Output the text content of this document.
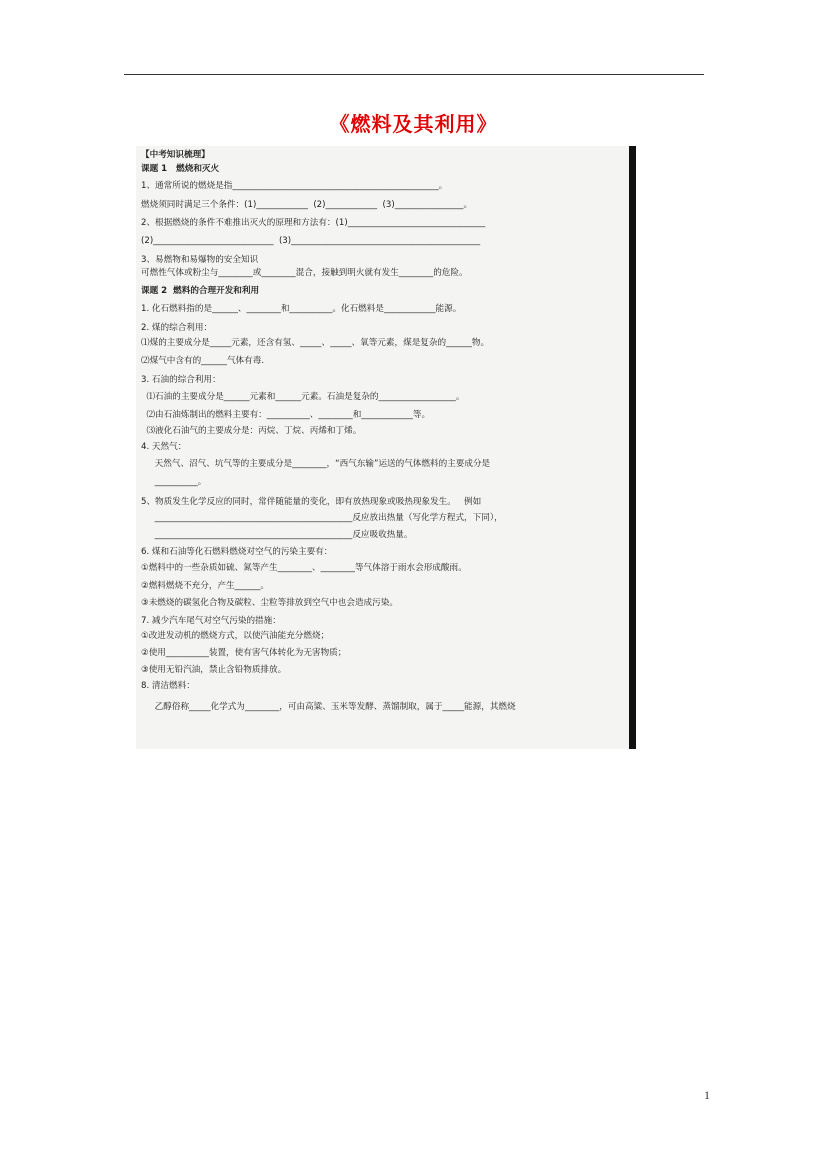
《燃料及其利用》
【中考知识梳理】
课题 1   燃烧和灭火
1、通常所说的燃烧是指________________________________________________。
燃烧须同时满足三个条件：(1)____________  (2)____________  (3)________________。
2、根据燃烧的条件不难推出灭火的原理和方法有：(1)________________________________
(2)____________________________  (3)____________________________________________
3、易燃物和易爆物的安全知识
可燃性气体或粉尘与________或________混合，接触到明火就有发生________的危险。
课题 2  燃料的合理开发和利用
1. 化石燃料指的是______、________和__________。化石燃料是____________能源。
2. 煤的综合利用：
⑴煤的主要成分是_____元素，还含有氢、_____、_____、氧等元素，煤是复杂的______物。
⑵煤气中含有的______气体有毒.
3. 石油的综合利用：
⑴石油的主要成分是______元素和______元素。石油是复杂的__________________。
⑵由石油炼制出的燃料主要有：__________、________和____________等。
⑶液化石油气的主要成分是：丙烷、丁烷、丙烯和丁烯。
4. 天然气：
天然气、沼气、坑气等的主要成分是________，“西气东输”运送的气体燃料的主要成分是
__________。
5、物质发生化学反应的同时，常伴随能量的变化，即有放热现象或吸热现象发生。   例如
______________________________________________反应放出热量（写化学方程式，下同），
______________________________________________反应吸收热量。
6. 煤和石油等化石燃料燃烧对空气的污染主要有：
①燃料中的一些杂质如硫、氮等产生________、________等气体溶于雨水会形成酸雨。
②燃料燃烧不充分，产生______。
③未燃烧的碳氢化合物及碳粒、尘粒等排放到空气中也会造成污染。
7. 减少汽车尾气对空气污染的措施：
①改进发动机的燃烧方式，以使汽油能充分燃烧；
②使用__________装置，使有害气体转化为无害物质；
③使用无铅汽油，禁止含铅物质排放。
8. 清洁燃料：
乙醇俗称_____化学式为________，可由高粱、玉米等发酵、蒸馏制取，属于_____能源，其燃烧
1
